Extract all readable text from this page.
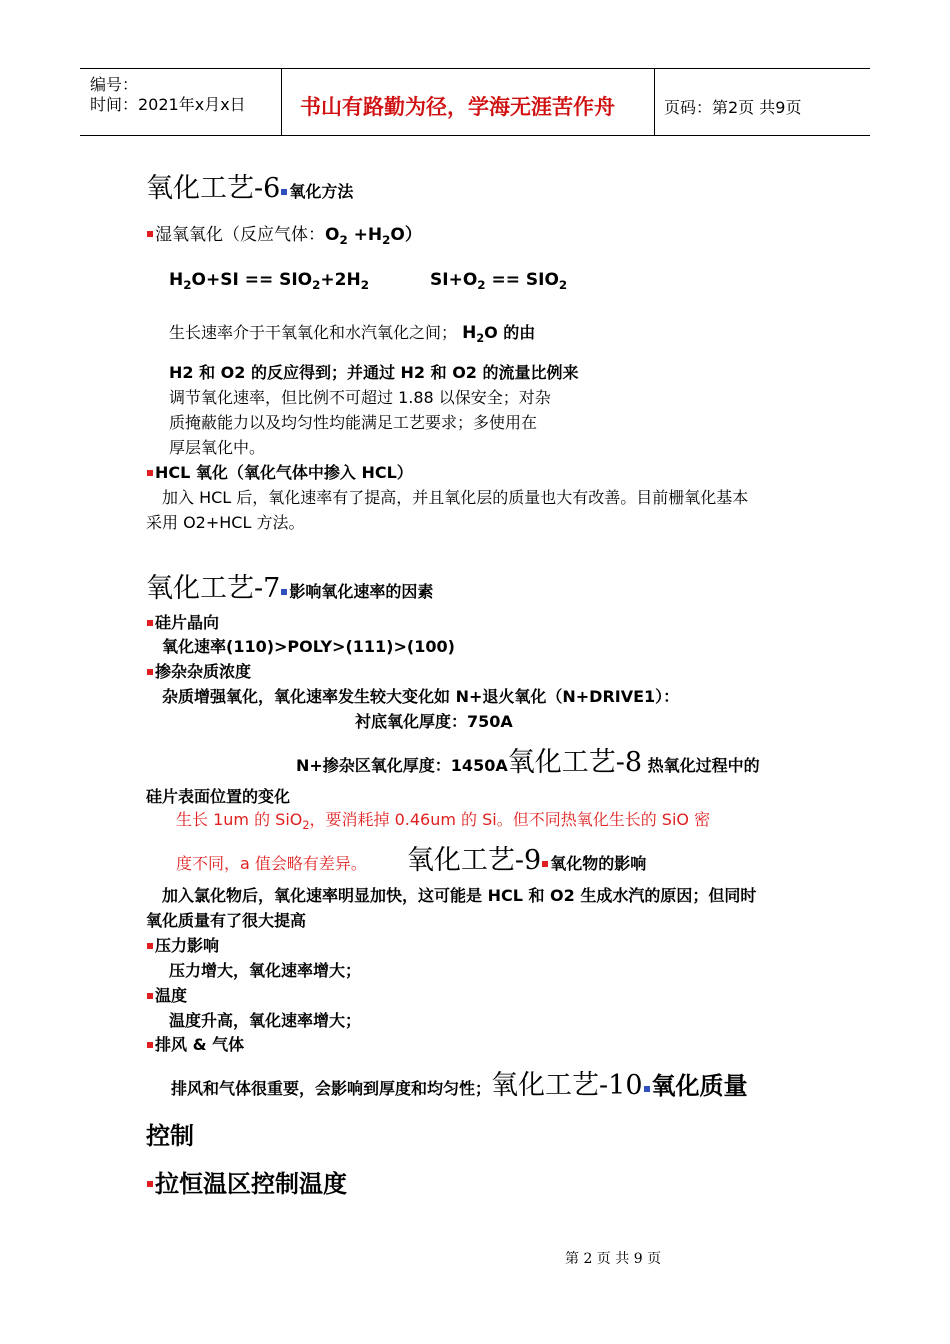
编号：
时间：2021年x月x日	书山有路勤为径，学海无涯苦作舟	页码：第2页 共9页
氧化工艺-6 氧化方法
湿氧氧化（反应气体：$O_2 +H_2O$）
$H_2O+SI == SIO_2+2H_2$	$SI+O_2 == SIO_2$
生长速率介于干氧氧化和水汽氧化之间； $H_2O$ 的由
H2 和 O2 的反应得到；并通过 H2 和 O2 的流量比例来
调节氧化速率，但比例不可超过 1.88 以保安全；对杂
质掩蔽能力以及均匀性均能满足工艺要求；多使用在
厚层氧化中。
HCL 氧化（氧化气体中掺入 HCL）
加入 HCL 后，氧化速率有了提高，并且氧化层的质量也大有改善。目前栅氧化基本
采用 O2+HCL 方法。
氧化工艺-7 影响氧化速率的因素
硅片晶向
氧化速率(110)>POLY>(111)>(100)
掺杂杂质浓度
杂质增强氧化，氧化速率发生较大变化如 N+退火氧化（N+DRIVE1）：
衬底氧化厚度：750A
N+掺杂区氧化厚度：1450A氧化工艺-8 热氧化过程中的
硅片表面位置的变化
生长 1um 的 SiO$_2$，要消耗掉 0.46um 的 Si。但不同热氧化生长的 SiO 密
度不同，a 值会略有差异。 氧化工艺-9 氧化物的影响
加入氯化物后，氧化速率明显加快，这可能是 HCL 和 O2 生成水汽的原因；但同时
氧化质量有了很大提高
压力影响
压力增大，氧化速率增大；
温度
温度升高，氧化速率增大；
排风 & 气体
排风和气体很重要，会影响到厚度和均匀性；氧化工艺-10 氧化质量
控制
拉恒温区控制温度
第 2 页 共 9 页
